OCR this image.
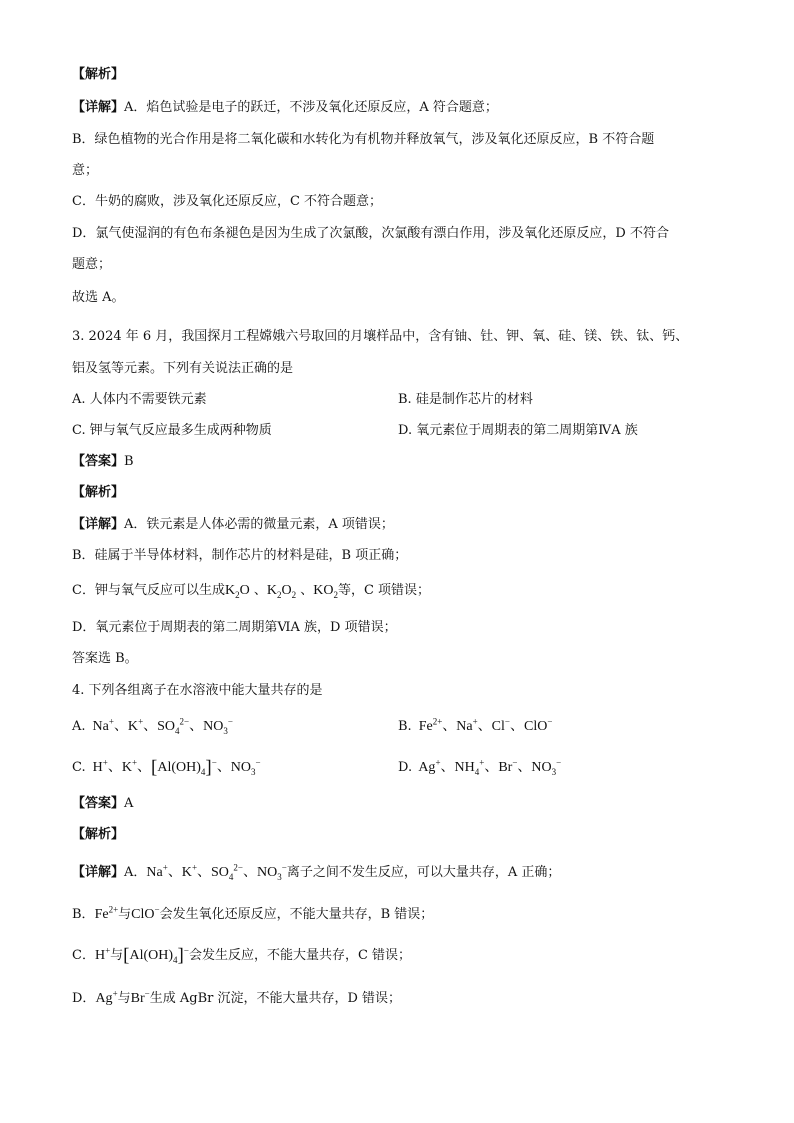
【解析】
【详解】A．焰色试验是电子的跃迁，不涉及氧化还原反应，A 符合题意；
B．绿色植物的光合作用是将二氧化碳和水转化为有机物并释放氧气，涉及氧化还原反应，B 不符合题
意；
C．牛奶的腐败，涉及氧化还原反应，C 不符合题意；
D．氯气使湿润的有色布条褪色是因为生成了次氯酸，次氯酸有漂白作用，涉及氧化还原反应，D 不符合
题意；
故选 A。
3. 2024 年 6 月，我国探月工程嫦娥六号取回的月壤样品中，含有铀、钍、钾、氧、硅、镁、铁、钛、钙、
铝及氢等元素。下列有关说法正确的是
A. 人体内不需要铁元素	B. 硅是制作芯片的材料
C. 钾与氧气反应最多生成两种物质	D. 氧元素位于周期表的第二周期第ⅣA 族
【答案】B
【解析】
【详解】A．铁元素是人体必需的微量元素，A 项错误；
B．硅属于半导体材料，制作芯片的材料是硅，B 项正确；
C．钾与氧气反应可以生成$K_2O$ 、$K_2O_2$ 、$KO_2$等，C 项错误；
D．氧元素位于周期表的第二周期第ⅥA 族，D 项错误；
答案选 B。
4. 下列各组离子在水溶液中能大量共存的是
A.  Na+、K+、$SO_4^{2-}$、$NO_3^-$	B.  $Fe^{2+}$、Na+、Cl−、ClO−
C.  H+、K+、$[Al(OH)_4]^-$、$NO_3^-$	D.  Ag+、$NH_4^+$、Br−、$NO_3^-$
【答案】A
【解析】
【详解】A．Na+、K+、$SO_4^{2-}$、$NO_3^-$离子之间不发生反应，可以大量共存，A 正确；
B．$Fe^{2+}$与ClO−会发生氧化还原反应，不能大量共存，B 错误；
C．H+与$[Al(OH)_4]^-$会发生反应，不能大量共存，C 错误；
D．Ag+与Br−生成 AgBr 沉淀，不能大量共存，D 错误；
